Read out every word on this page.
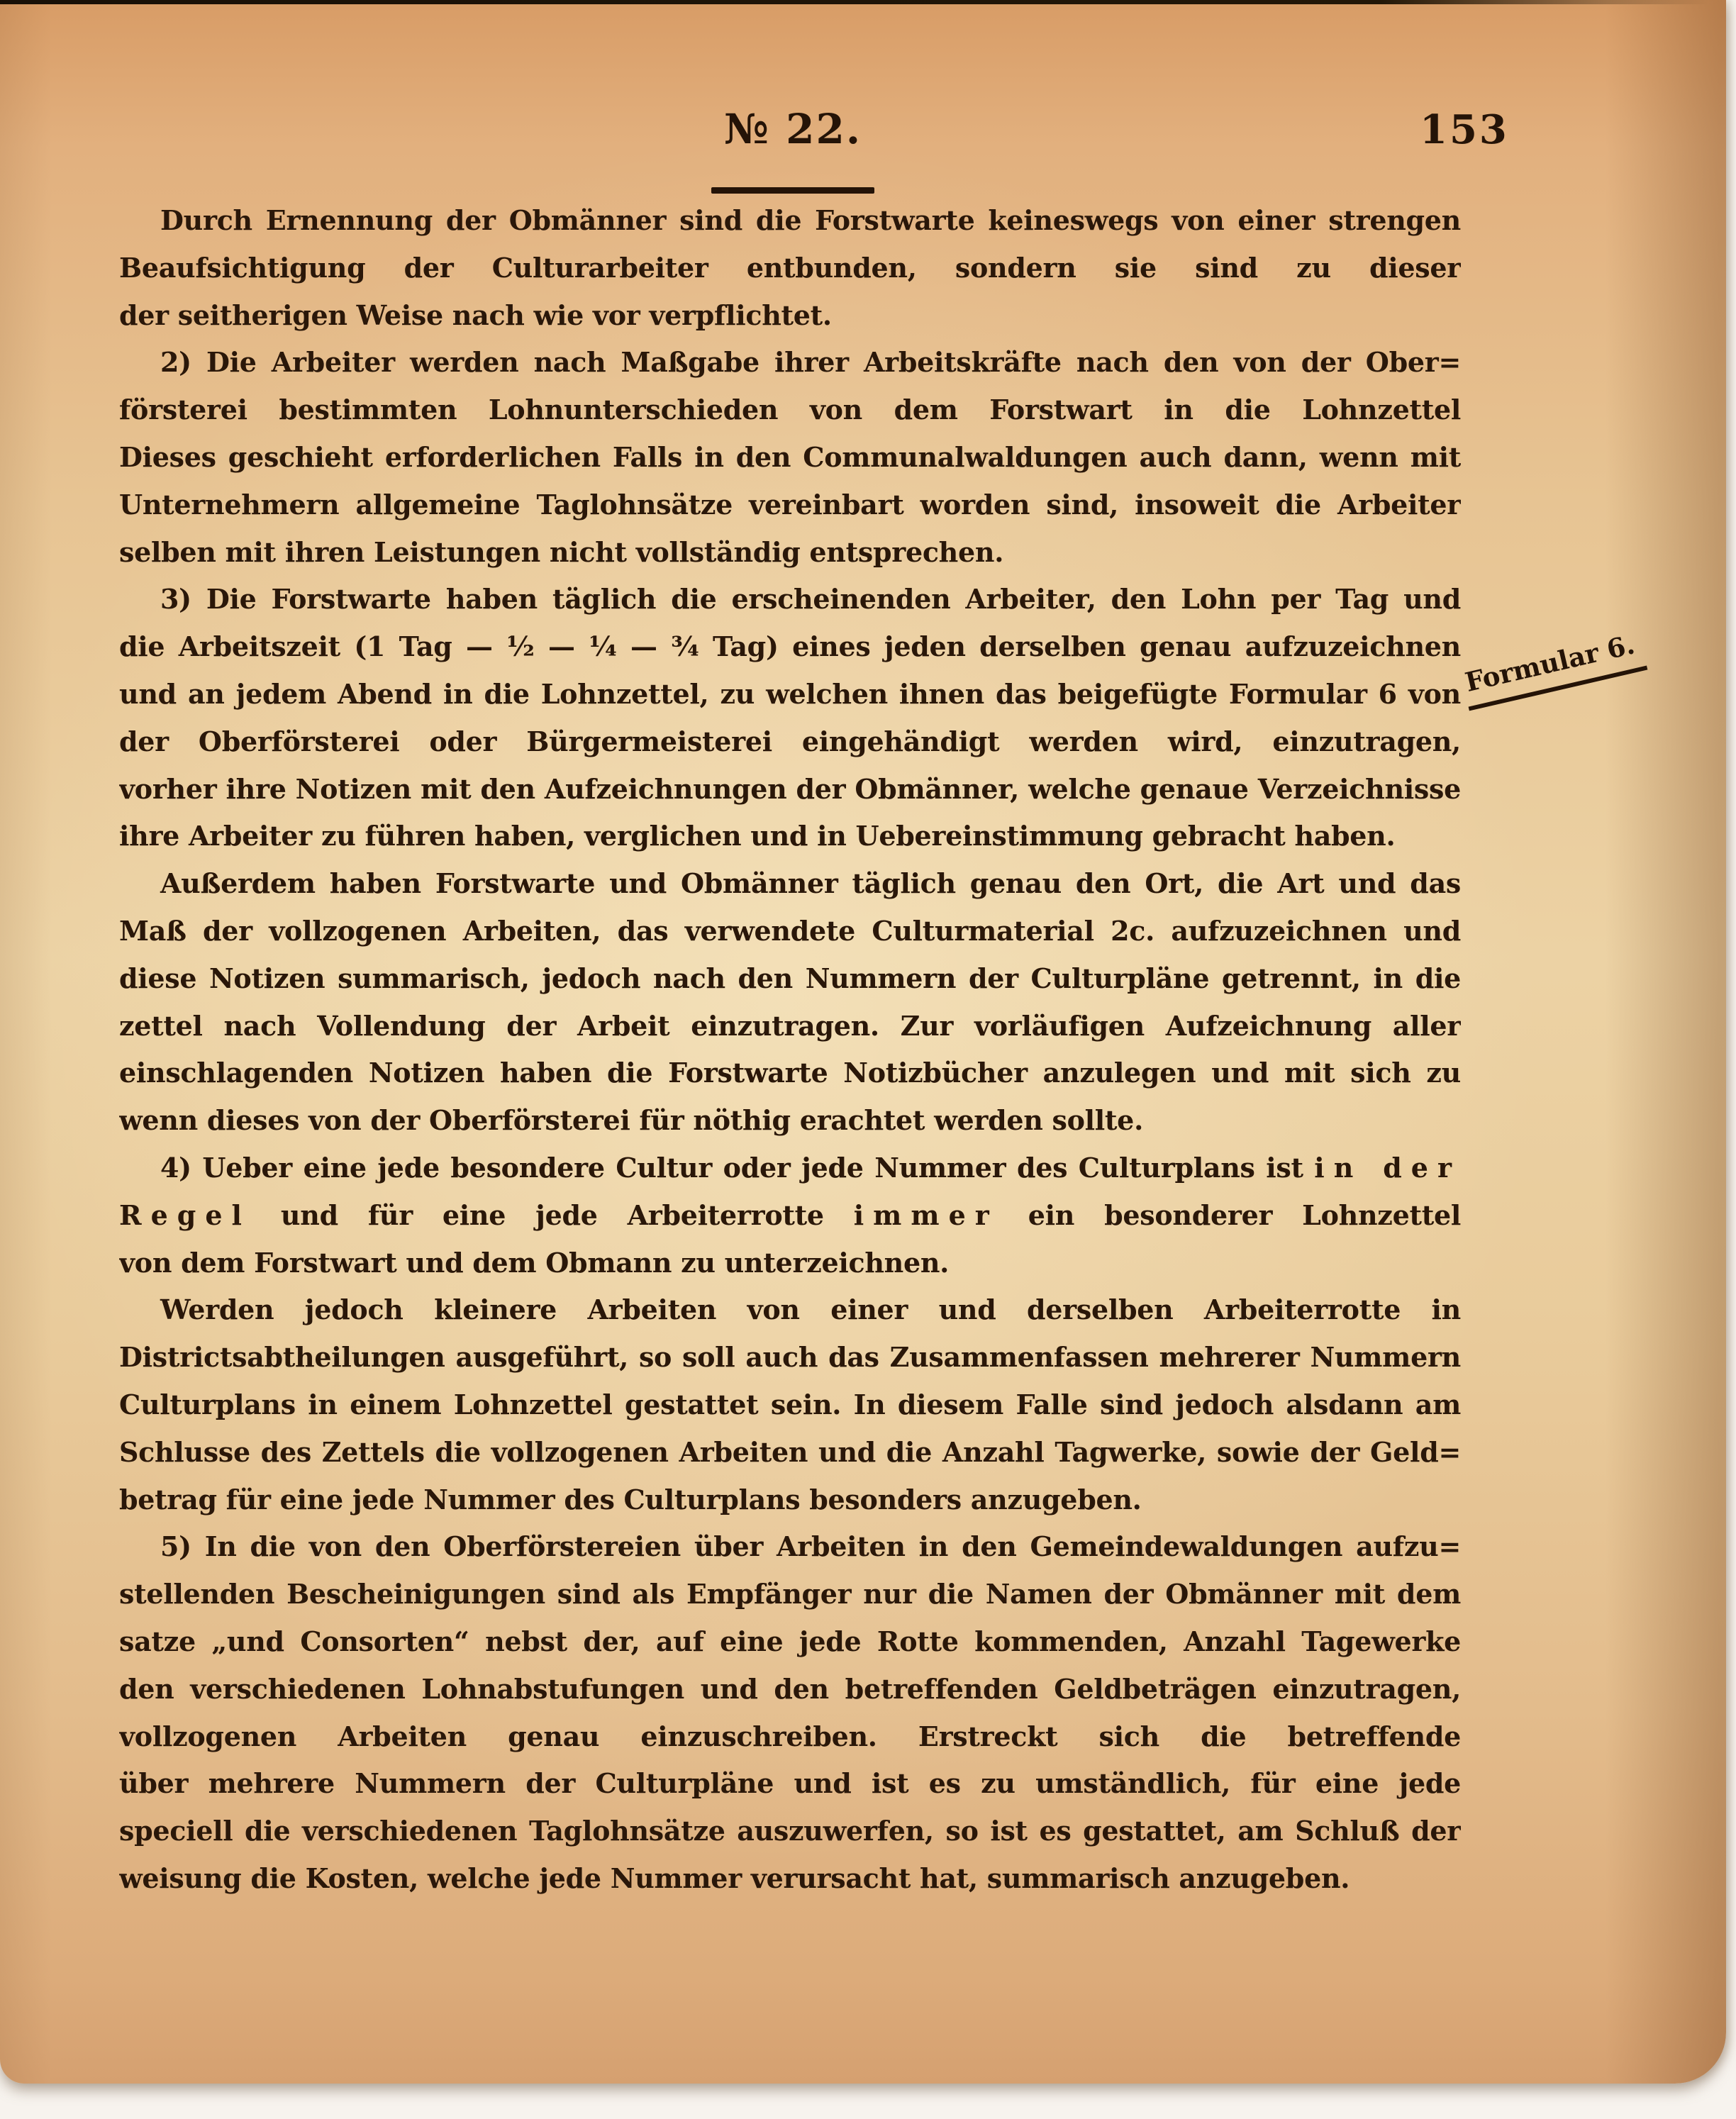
№ 22.	153
Durch Ernennung der Obmänner sind die Forstwarte keineswegs von einer strengen
Beaufsichtigung der Culturarbeiter entbunden, sondern sie sind zu dieser
der seitherigen Weise nach wie vor verpflichtet.
2) Die Arbeiter werden nach Maßgabe ihrer Arbeitskräfte nach den von der Ober=
försterei bestimmten Lohnunterschieden von dem Forstwart in die Lohnzettel
Dieses geschieht erforderlichen Falls in den Communalwaldungen auch dann, wenn mit
Unternehmern allgemeine Taglohnsätze vereinbart worden sind, insoweit die Arbeiter
selben mit ihren Leistungen nicht vollständig entsprechen.
3) Die Forstwarte haben täglich die erscheinenden Arbeiter, den Lohn per Tag und
die Arbeitszeit (1 Tag — ½ — ¼ — ¾ Tag) eines jeden derselben genau aufzuzeichnen
und an jedem Abend in die Lohnzettel, zu welchen ihnen das beigefügte Formular 6 von
der Oberförsterei oder Bürgermeisterei eingehändigt werden wird, einzutragen,
vorher ihre Notizen mit den Aufzeichnungen der Obmänner, welche genaue Verzeichnisse
ihre Arbeiter zu führen haben, verglichen und in Uebereinstimmung gebracht haben.
Außerdem haben Forstwarte und Obmänner täglich genau den Ort, die Art und das
Maß der vollzogenen Arbeiten, das verwendete Culturmaterial 2c. aufzuzeichnen und
diese Notizen summarisch, jedoch nach den Nummern der Culturpläne getrennt, in die
zettel nach Vollendung der Arbeit einzutragen. Zur vorläufigen Aufzeichnung aller
einschlagenden Notizen haben die Forstwarte Notizbücher anzulegen und mit sich zu
wenn dieses von der Oberförsterei für nöthig erachtet werden sollte.
4) Ueber eine jede besondere Cultur oder jede Nummer des Culturplans ist in der
Regel und für eine jede Arbeiterrotte immer ein besonderer Lohnzettel
von dem Forstwart und dem Obmann zu unterzeichnen.
Werden jedoch kleinere Arbeiten von einer und derselben Arbeiterrotte in
Districtsabtheilungen ausgeführt, so soll auch das Zusammenfassen mehrerer Nummern
Culturplans in einem Lohnzettel gestattet sein. In diesem Falle sind jedoch alsdann am
Schlusse des Zettels die vollzogenen Arbeiten und die Anzahl Tagwerke, sowie der Geld=
betrag für eine jede Nummer des Culturplans besonders anzugeben.
5) In die von den Oberförstereien über Arbeiten in den Gemeindewaldungen aufzu=
stellenden Bescheinigungen sind als Empfänger nur die Namen der Obmänner mit dem
satze „und Consorten“ nebst der, auf eine jede Rotte kommenden, Anzahl Tagewerke
den verschiedenen Lohnabstufungen und den betreffenden Geldbeträgen einzutragen,
vollzogenen Arbeiten genau einzuschreiben. Erstreckt sich die betreffende
über mehrere Nummern der Culturpläne und ist es zu umständlich, für eine jede
speciell die verschiedenen Taglohnsätze auszuwerfen, so ist es gestattet, am Schluß der
weisung die Kosten, welche jede Nummer verursacht hat, summarisch anzugeben.
Formular 6.
